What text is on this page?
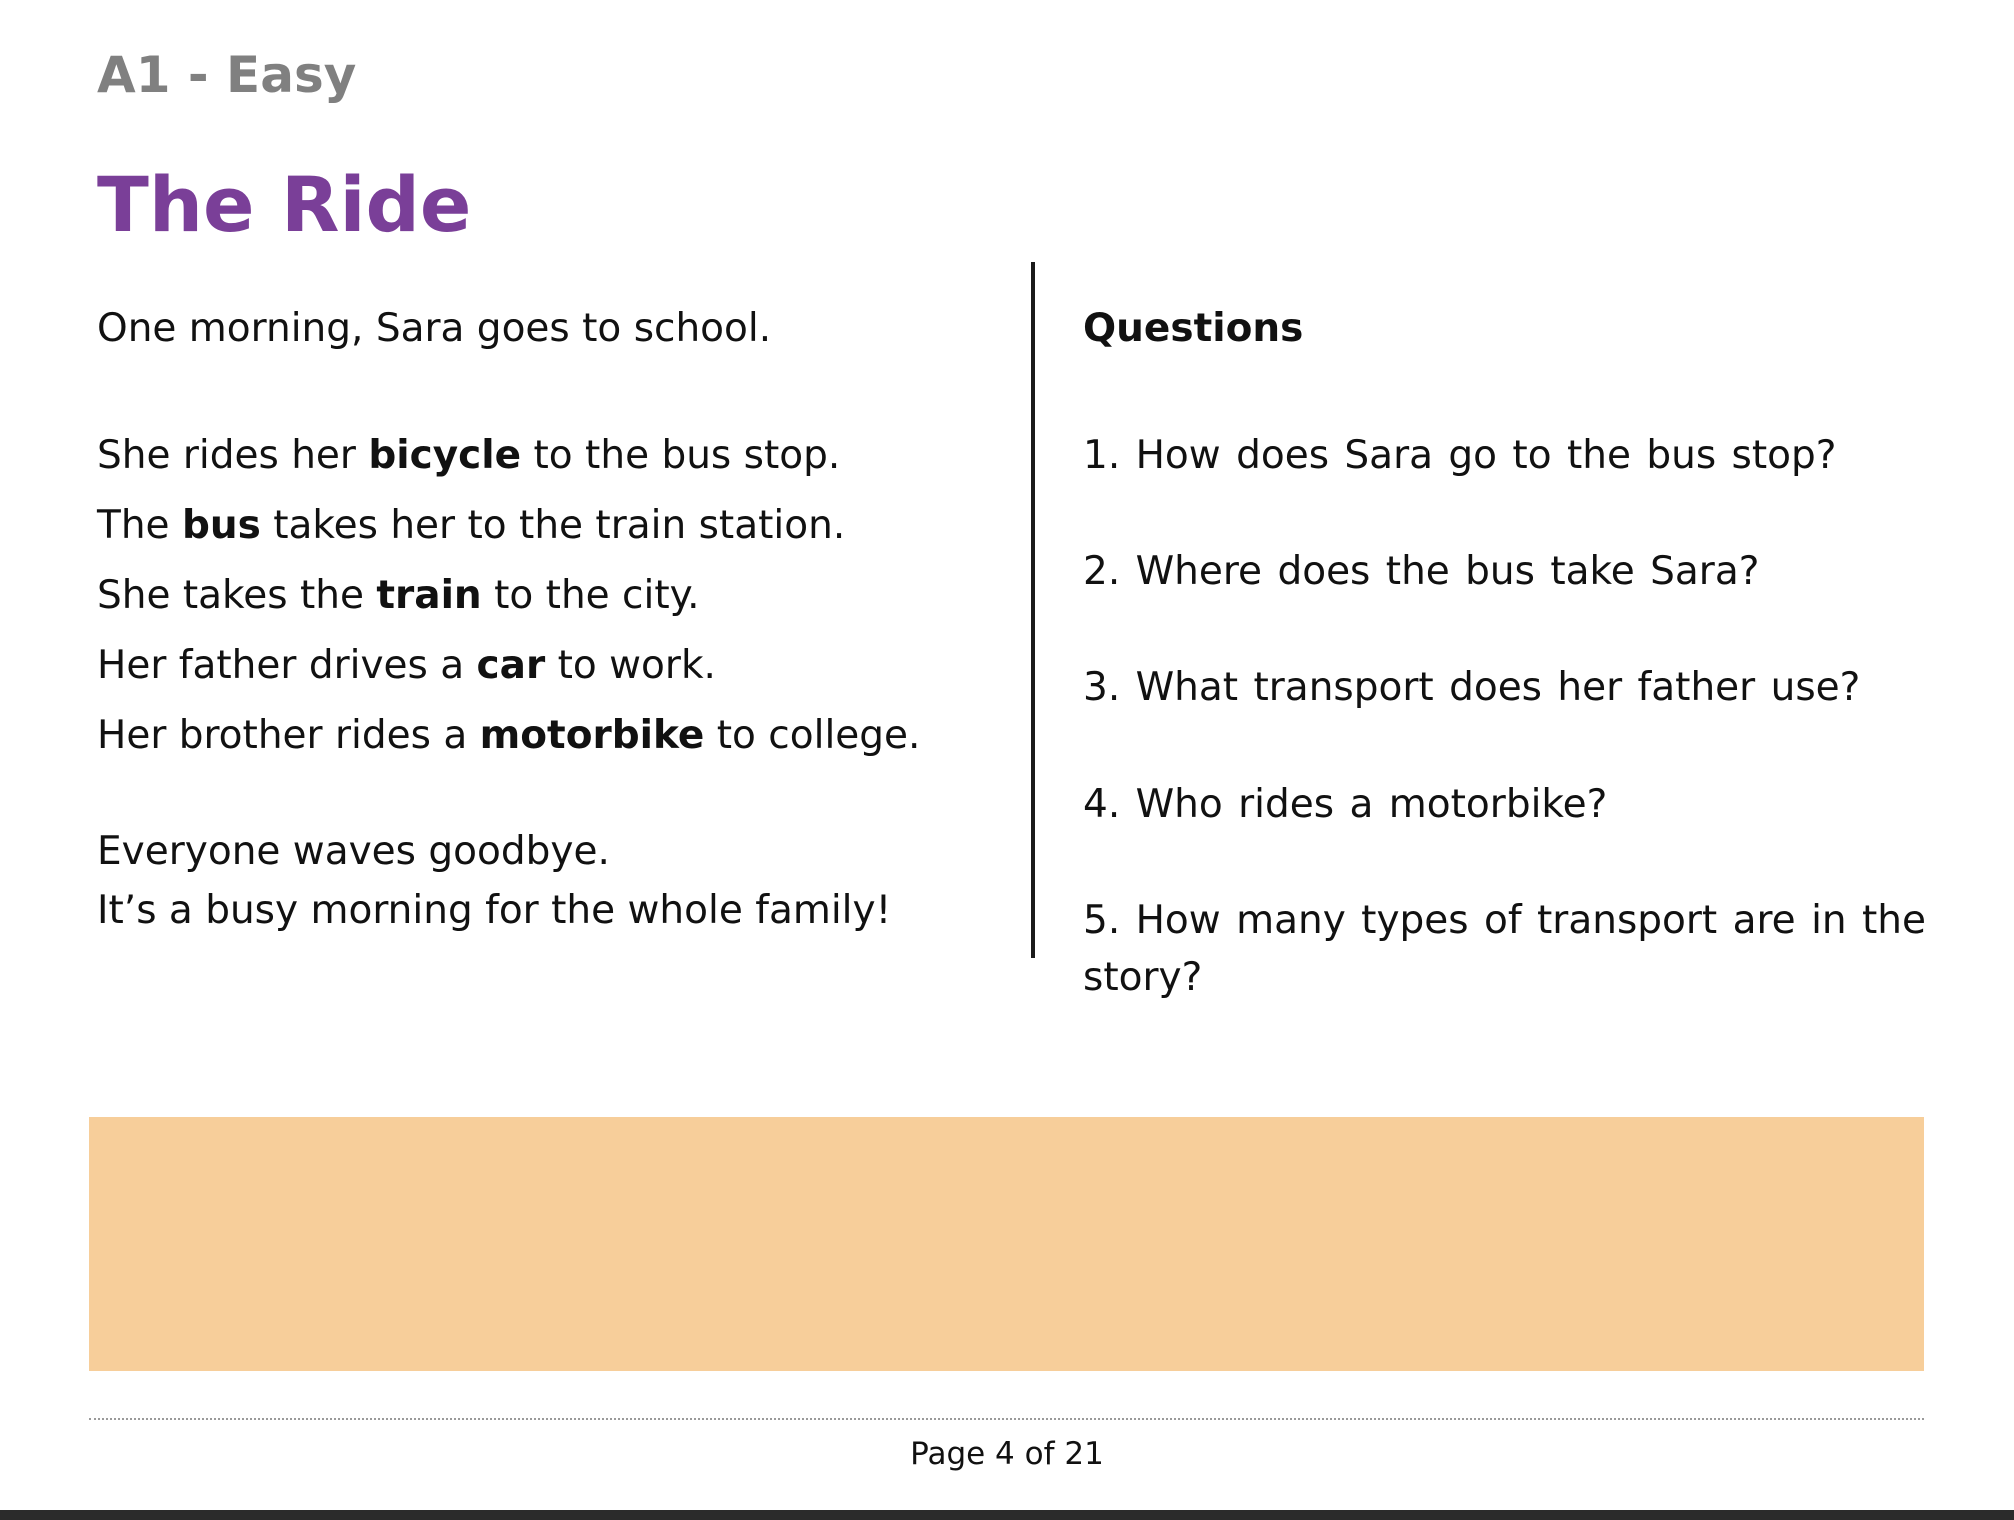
A1 - Easy
The Ride
One morning, Sara goes to school.
She rides her bicycle to the bus stop.
The bus takes her to the train station.
She takes the train to the city.
Her father drives a car to work.
Her brother rides a motorbike to college.
Everyone waves goodbye.
It’s a busy morning for the whole family!
Questions
1. How does Sara go to the bus stop?
2. Where does the bus take Sara?
3. What transport does her father use?
4. Who rides a motorbike?
5. How many types of transport are in the story?
Page 4 of 21
